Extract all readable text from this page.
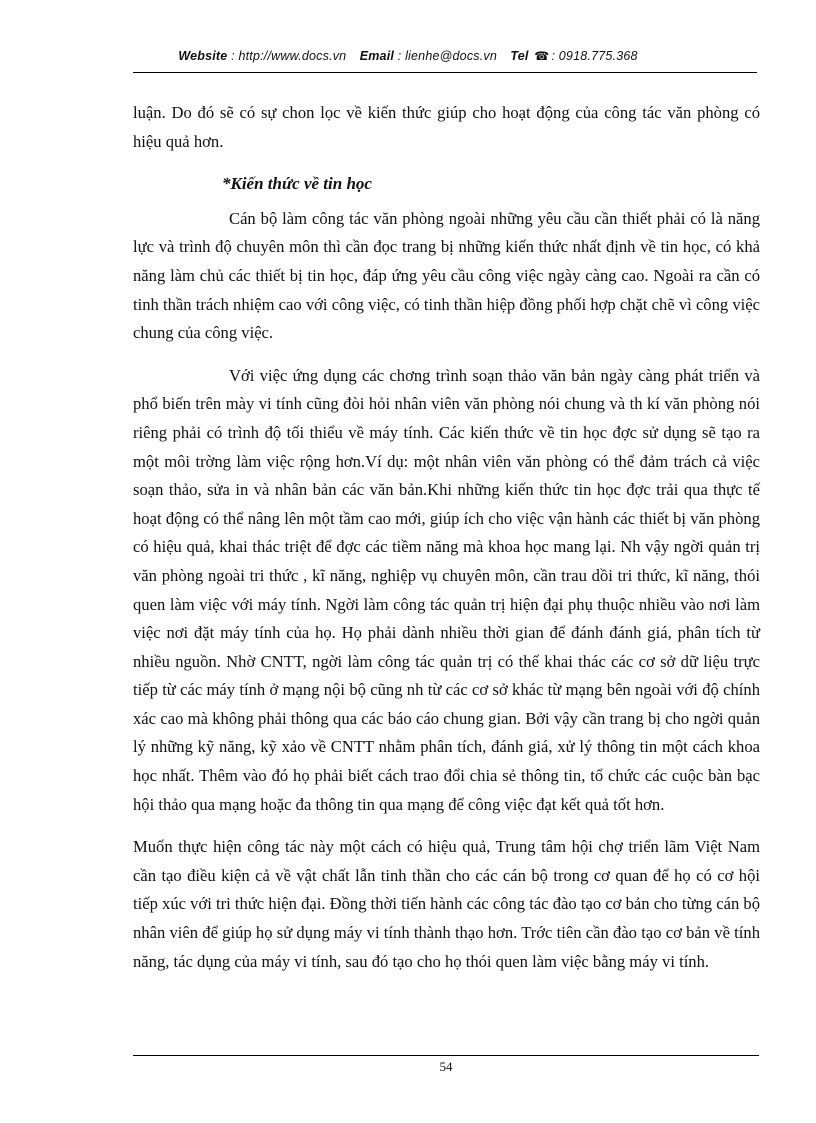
Website : http://www.docs.vn Email : lienhe@docs.vn Tel ☎ : 0918.775.368

luận. Do đó sẽ có sự chon lọc về kiến thức giúp cho hoạt động của công tác văn phòng có hiệu quả hơn.

*Kiến thức về tin học

Cán bộ làm công tác văn phòng ngoài những yêu cầu cần thiết phải có là năng lực và trình độ chuyên môn thì cần đọc trang bị những kiến thức nhất định về tin học, có khả năng làm chủ các thiết bị tin học, đáp ứng yêu cầu công việc ngày càng cao. Ngoài ra cần có tinh thần trách nhiệm cao với công việc, có tinh thần hiệp đồng phối hợp chặt chẽ vì công việc chung của công việc.

Với việc ứng dụng các chơng trình soạn thảo văn bản ngày càng phát triển và phổ biến trên mày vi tính cũng đòi hỏi nhân viên văn phòng nói chung và th kí văn phòng nói riêng phải có trình độ tối thiểu về máy tính. Các kiến thức về tin học đợc sử dụng sẽ tạo ra một môi trờng làm việc rộng hơn.Ví dụ: một nhân viên văn phòng có thể đảm trách cả việc soạn thảo, sửa in và nhân bản các văn bản.Khi những kiến thức tin học đợc trải qua thực tế hoạt động có thể nâng lên một tầm cao mới, giúp ích cho việc vận hành các thiết bị văn phòng có hiệu quả, khai thác triệt để đợc các tiềm năng mà khoa học mang lại. Nh vậy ngời quản trị văn phòng ngoài tri thức , kĩ năng, nghiệp vụ chuyên môn, cần trau dồi tri thức, kĩ năng, thói quen làm việc với máy tính. Ngời làm công tác quản trị hiện đại phụ thuộc nhiều vào nơi làm việc nơi đặt máy tính của họ. Họ phải dành nhiều thời gian để đánh đánh giá, phân tích từ nhiều nguồn. Nhờ CNTT, ngời làm công tác quản trị có thể khai thác các cơ sở dữ liệu trực tiếp từ các máy tính ở mạng nội bộ cũng nh từ các cơ sở khác từ mạng bên ngoài với độ chính xác cao mà không phải thông qua các báo cáo chung gian. Bởi vậy cần trang bị cho ngời quản lý những kỹ năng, kỹ xảo về CNTT nhằm phân tích, đánh giá, xử lý thông tin một cách khoa học nhất. Thêm vào đó họ phải biết cách trao đổi chia sẻ thông tin, tổ chức các cuộc bàn bạc hội thảo qua mạng hoặc đa thông tin qua mạng để công việc đạt kết quả tốt hơn.

Muốn thực hiện công tác này một cách có hiệu quả, Trung tâm hội chợ triển lãm Việt Nam cần tạo điều kiện cả về vật chất lẫn tinh thần cho các cán bộ trong cơ quan để họ có cơ hội tiếp xúc với tri thức hiện đại. Đồng thời tiến hành các công tác đào tạo cơ bản cho từng cán bộ nhân viên để giúp họ sử dụng máy vi tính thành thạo hơn. Trớc tiên cần đào tạo cơ bản về tính năng, tác dụng của máy vi tính, sau đó tạo cho họ thói quen làm việc bằng máy vi tính.

54
